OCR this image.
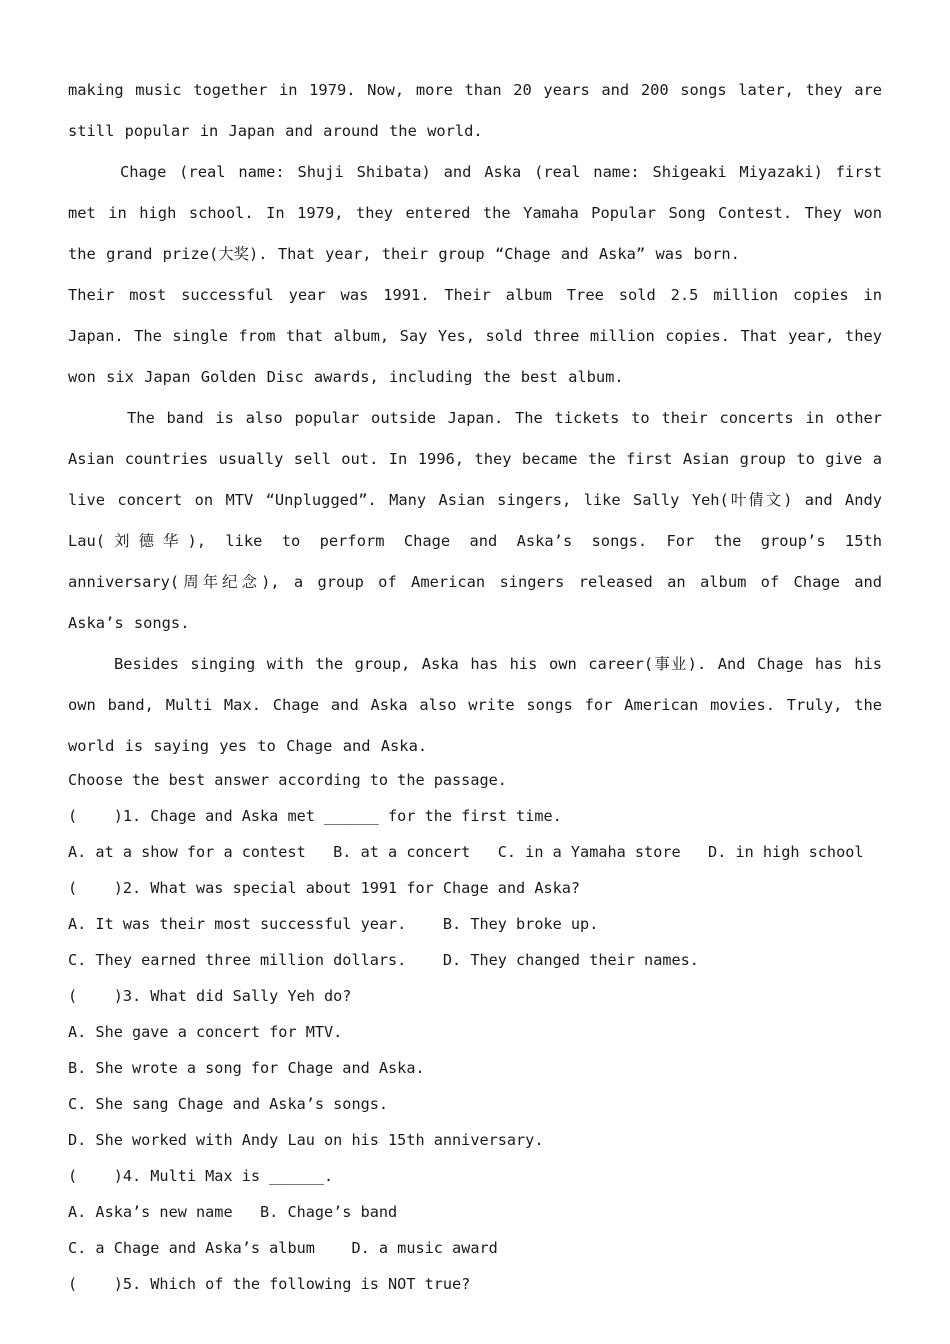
making music together in 1979. Now, more than 20 years and 200 songs later, they are still popular in Japan and around the world.

Chage (real name: Shuji Shibata) and Aska (real name: Shigeaki Miyazaki) first met in high school. In 1979, they entered the Yamaha Popular Song Contest. They won the grand prize(大奖). That year, their group “Chage and Aska” was born.

Their most successful year was 1991. Their album Tree sold 2.5 million copies in Japan. The single from that album, Say Yes, sold three million copies. That year, they won six Japan Golden Disc awards, including the best album.

The band is also popular outside Japan. The tickets to their concerts in other Asian countries usually sell out. In 1996, they became the first Asian group to give a live concert on MTV “Unplugged”. Many Asian singers, like Sally Yeh(叶倩文) and Andy Lau(刘德华), like to perform Chage and Aska’s songs. For the group’s 15th anniversary(周年纪念), a group of American singers released an album of Chage and Aska’s songs.

Besides singing with the group, Aska has his own career(事业). And Chage has his own band, Multi Max. Chage and Aska also write songs for American movies. Truly, the world is saying yes to Chage and Aska.

Choose the best answer according to the passage.

(    )1. Chage and Aska met ______ for the first time.

A. at a show for a contest   B. at a concert   C. in a Yamaha store   D. in high school

(    )2. What was special about 1991 for Chage and Aska?

A. It was their most successful year.    B. They broke up.

C. They earned three million dollars.    D. They changed their names.

(    )3. What did Sally Yeh do?

A. She gave a concert for MTV.

B. She wrote a song for Chage and Aska.

C. She sang Chage and Aska’s songs.

D. She worked with Andy Lau on his 15th anniversary.

(    )4. Multi Max is ______.

A. Aska’s new name   B. Chage’s band

C. a Chage and Aska’s album    D. a music award

(    )5. Which of the following is NOT true?
